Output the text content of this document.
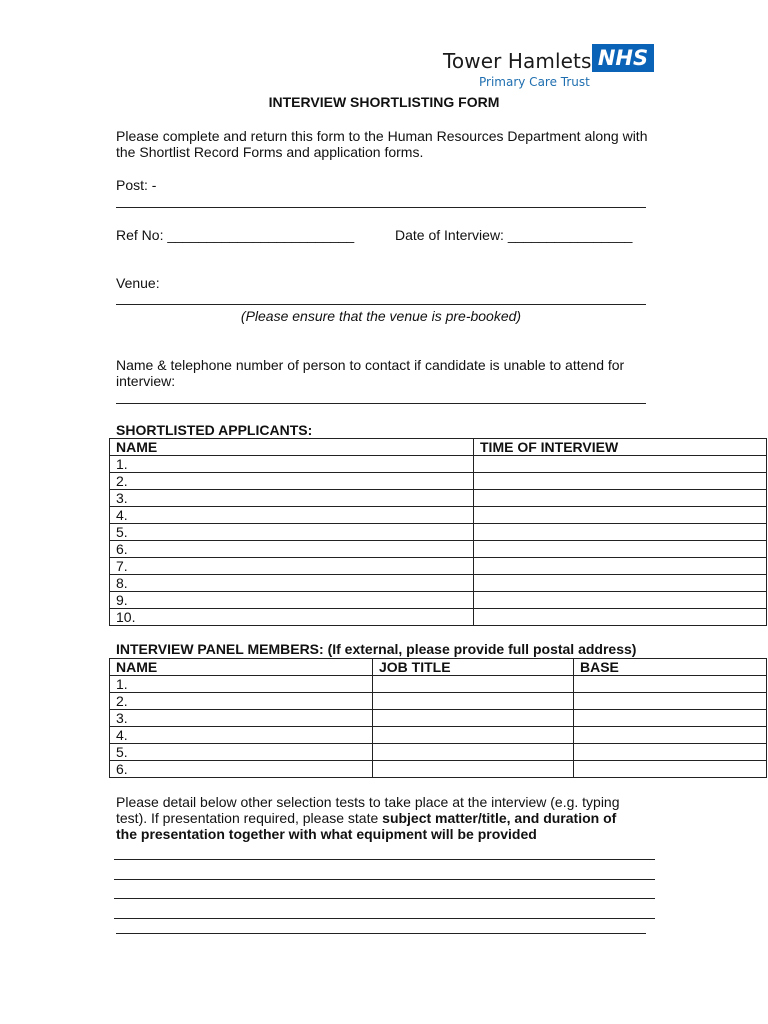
Tower Hamlets
Primary Care Trust
NHS
INTERVIEW SHORTLISTING FORM
Please complete and return this form to the Human Resources Department along with the Shortlist Record Forms and application forms.
Post: -
Ref No: ________________________	Date of Interview: ________________
Venue:
(Please ensure that the venue is pre-booked)
Name & telephone number of person to contact if candidate is unable to attend for interview:
SHORTLISTED APPLICANTS:
NAME	TIME OF INTERVIEW
1.	
2.	
3.	
4.	
5.	
6.	
7.	
8.	
9.	
10.	
INTERVIEW PANEL MEMBERS: (If external, please provide full postal address)
NAME	JOB TITLE	BASE
1.		
2.		
3.		
4.		
5.		
6.		
Please detail below other selection tests to take place at the interview (e.g. typing test). If presentation required, please state subject matter/title, and duration of the presentation together with what equipment will be provided
